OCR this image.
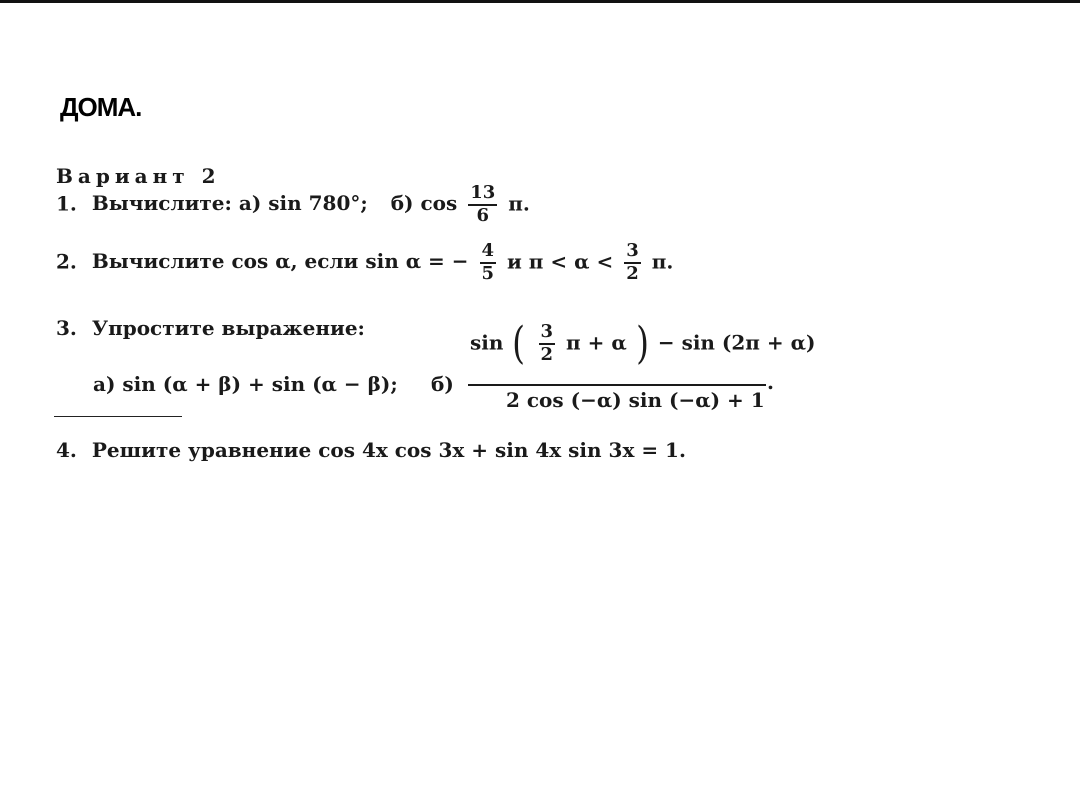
ДОМА.
Вариант 2
1. Вычислите: а) sin 780°; б) $\cos \frac{13}{6} \pi$.
2. Вычислите cos α, если sin α = − $\frac{4}{5}$ и $\pi < \alpha < \frac{3}{2} \pi$.
3. Упростите выражение:
а) sin (α + β) + sin (α − β); б)
sin ( $\frac{3}{2}$ π + α ) − sin (2π + α)
.
2 cos (−α) sin (−α) + 1
4. Решите уравнение cos 4x cos 3x + sin 4x sin 3x = 1.
